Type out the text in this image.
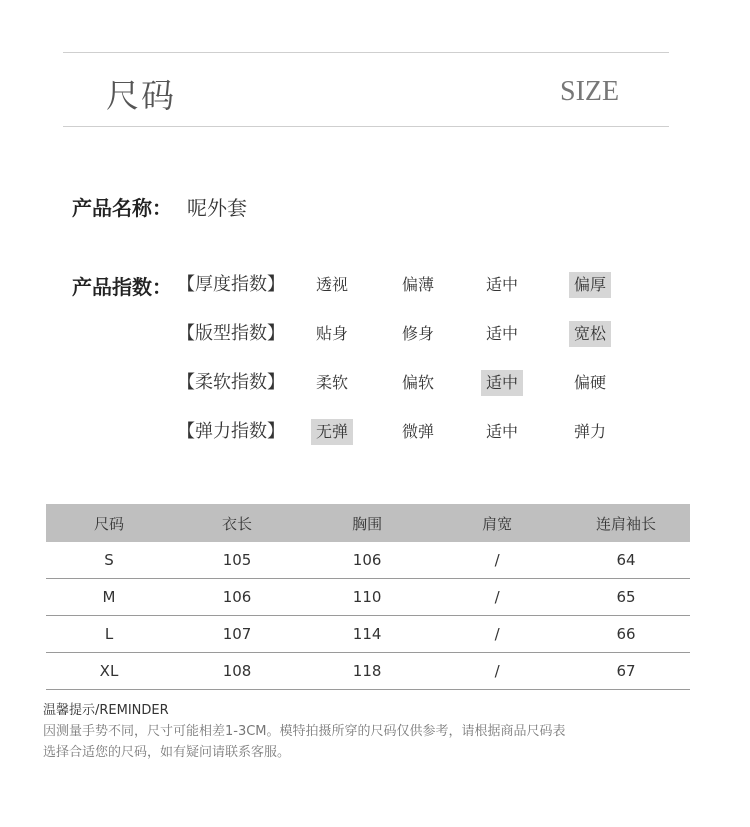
尺码	SIZE
产品名称： 呢外套
产品指数： 【厚度指数】	透视	偏薄	适中	偏厚
【版型指数】	贴身	修身	适中	宽松
【柔软指数】	柔软	偏软	适中	偏硬
【弹力指数】	无弹	微弹	适中	弹力
尺码	衣长	胸围	肩宽	连肩袖长
S	105	106	/	64
M	106	110	/	65
L	107	114	/	66
XL	108	118	/	67
温馨提示/REMINDER
因测量手势不同，尺寸可能相差1-3CM。模特拍摄所穿的尺码仅供参考，请根据商品尺码表
选择合适您的尺码，如有疑问请联系客服。
